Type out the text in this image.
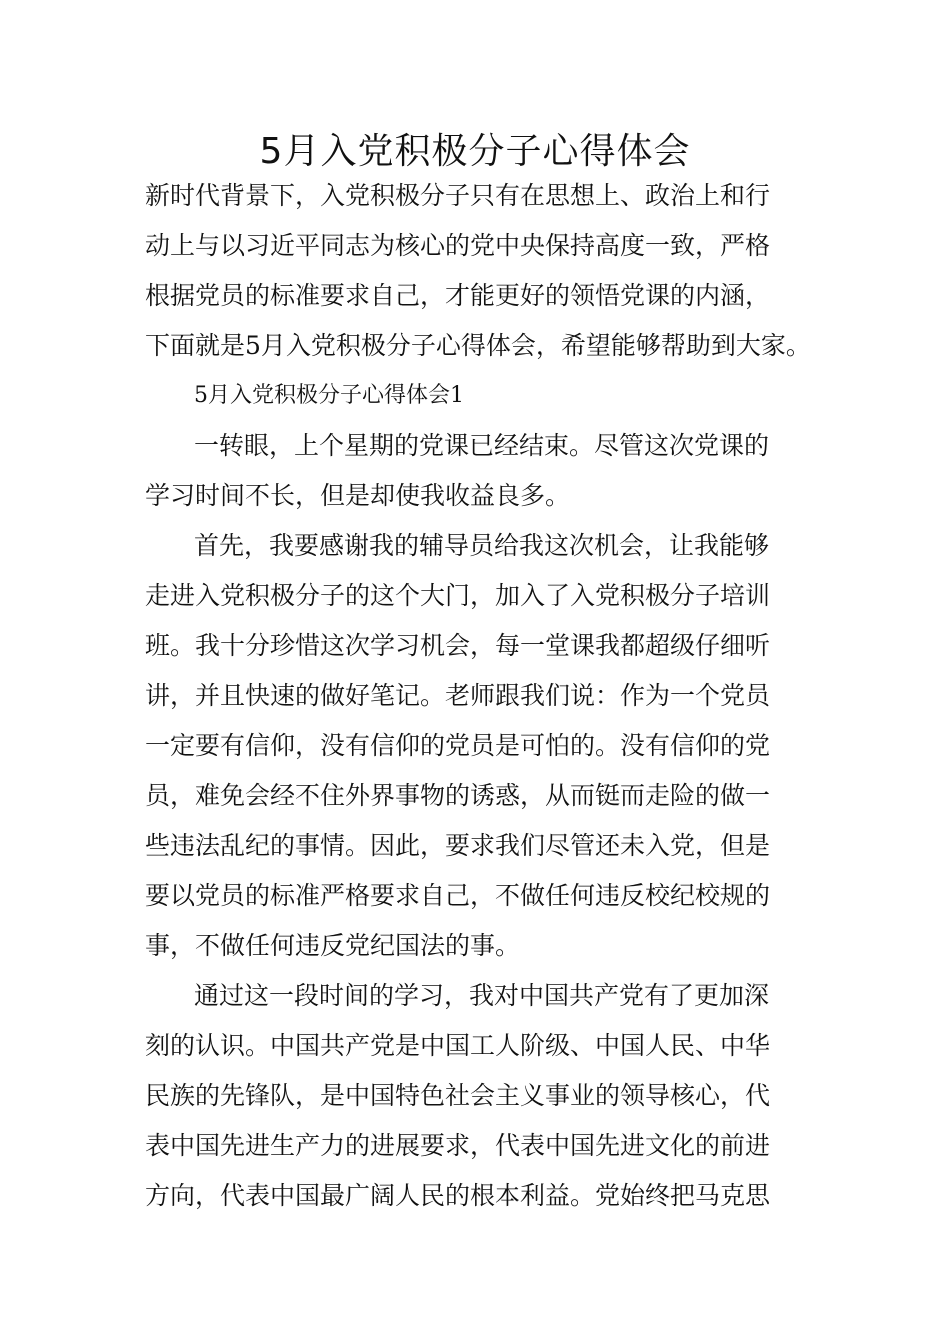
5月入党积极分子心得体会
新时代背景下，入党积极分子只有在思想上、政治上和行
动上与以习近平同志为核心的党中央保持高度一致，严格
根据党员的标准要求自己，才能更好的领悟党课的内涵，
下面就是5月入党积极分子心得体会，希望能够帮助到大家。
5月入党积极分子心得体会1
一转眼，上个星期的党课已经结束。尽管这次党课的
学习时间不长，但是却使我收益良多。
首先，我要感谢我的辅导员给我这次机会，让我能够
走进入党积极分子的这个大门，加入了入党积极分子培训
班。我十分珍惜这次学习机会，每一堂课我都超级仔细听
讲，并且快速的做好笔记。老师跟我们说：作为一个党员
一定要有信仰，没有信仰的党员是可怕的。没有信仰的党
员，难免会经不住外界事物的诱惑，从而铤而走险的做一
些违法乱纪的事情。因此，要求我们尽管还未入党，但是
要以党员的标准严格要求自己，不做任何违反校纪校规的
事，不做任何违反党纪国法的事。
通过这一段时间的学习，我对中国共产党有了更加深
刻的认识。中国共产党是中国工人阶级、中国人民、中华
民族的先锋队，是中国特色社会主义事业的领导核心，代
表中国先进生产力的进展要求，代表中国先进文化的前进
方向，代表中国最广阔人民的根本利益。党始终把马克思
